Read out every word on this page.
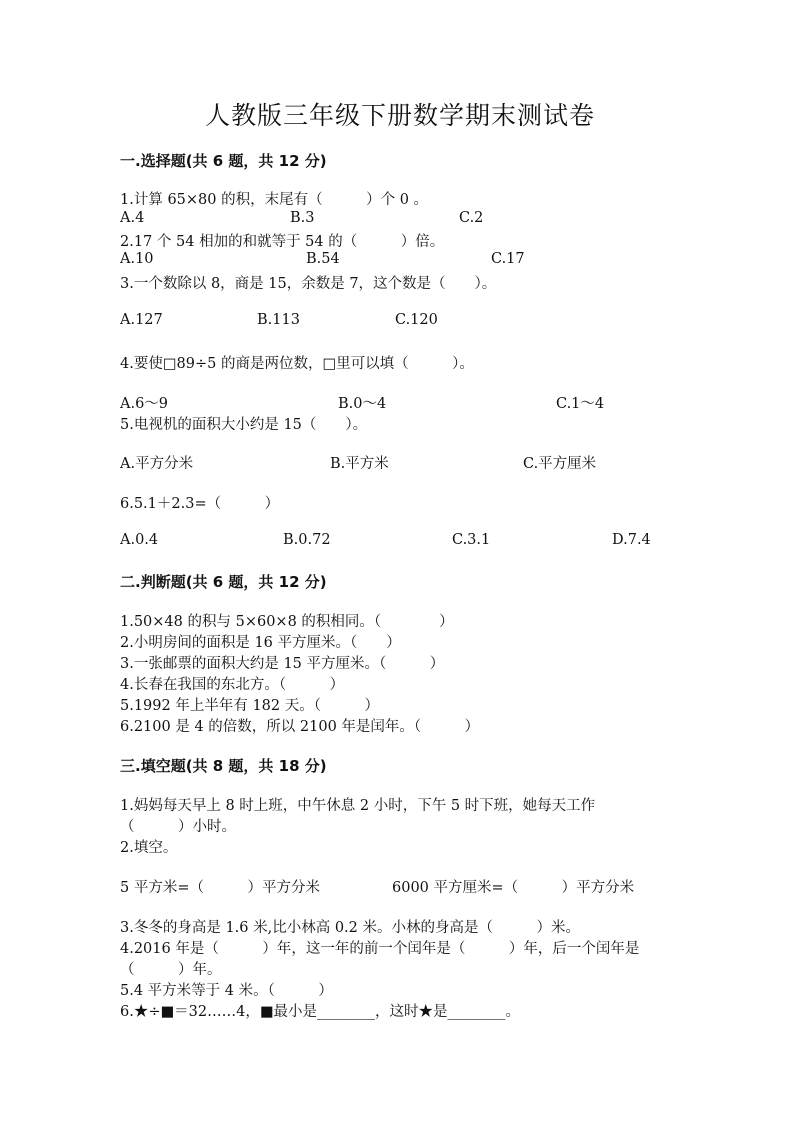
人教版三年级下册数学期末测试卷
一.选择题(共 6 题，共 12 分)
1.计算 65×80 的积，末尾有（　　　）个 0 。
A.4	B.3	C.2
2.17 个 54 相加的和就等于 54 的（　　　）倍。
A.10	B.54	C.17
3.一个数除以 8，商是 15，余数是 7，这个数是（　　）。
A.127	B.113	C.120
4.要使□89÷5 的商是两位数，□里可以填（　　　）。
A.6～9	B.0～4	C.1～4
5.电视机的面积大小约是 15（　　）。
A.平方分米	B.平方米	C.平方厘米
6.5.1＋2.3=（　　　）
A.0.4	B.0.72	C.3.1	D.7.4
二.判断题(共 6 题，共 12 分)
1.50×48 的积与 5×60×8 的积相同。（　　　　）
2.小明房间的面积是 16 平方厘米。（　　）
3.一张邮票的面积大约是 15 平方厘米。（　　　）
4.长春在我国的东北方。（　　　）
5.1992 年上半年有 182 天。（　　　）
6.2100 是 4 的倍数，所以 2100 年是闰年。（　　　）
三.填空题(共 8 题，共 18 分)
1.妈妈每天早上 8 时上班，中午休息 2 小时，下午 5 时下班，她每天工作
（　　　）小时。
2.填空。
5 平方米=（　　　）平方分米	6000 平方厘米=（　　　）平方分米
3.冬冬的身高是 1.6 米,比小林高 0.2 米。小林的身高是（　　　）米。
4.2016 年是（　　　）年，这一年的前一个闰年是（　　　）年，后一个闰年是
（　　　）年。
5.4 平方米等于 4 米。（　　　）
6.★÷■＝32……4，■最小是________，这时★是________。
